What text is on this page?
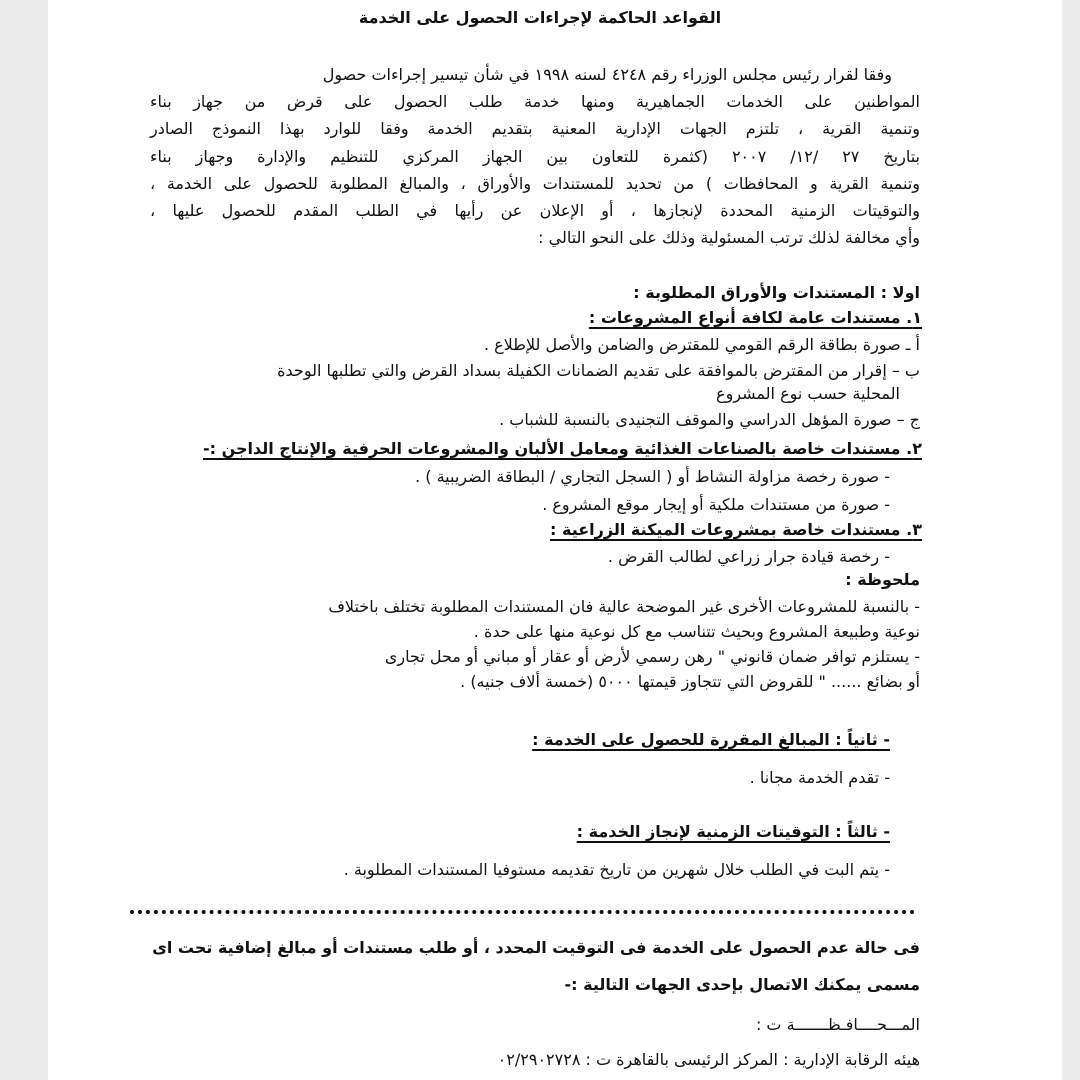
القواعد الحاكمة لإجراءات الحصول على الخدمة
وفقا لقرار رئيس مجلس الوزراء رقم ٤٢٤٨ لسنه ١٩٩٨ في شأن تيسير إجراءات حصول
المواطنين على الخدمات الجماهيرية ومنها خدمة طلب الحصول على قرض من جهاز بناء
وتنمية القرية ، تلتزم الجهات الإدارية المعنية بتقديم الخدمة وفقا للوارد بهذا النموذج الصادر
بتاريخ ٢٧ /١٢/ ٢٠٠٧ (كثمرة للتعاون بين الجهاز المركزي للتنظيم والإدارة وجهاز بناء
وتنمية القرية و المحافظات ) من تحديد للمستندات والأوراق ، والمبالغ المطلوبة للحصول على الخدمة ،
والتوقيتات الزمنية المحددة لإنجازها ، أو الإعلان عن رأيها في الطلب المقدم للحصول عليها ،
وأي مخالفة لذلك ترتب المسئولية وذلك على النحو التالي :
اولا : المستندات والأوراق المطلوبة :
١. مستندات عامة لكافة أنواع المشروعات :
أ ـ صورة بطاقة الرقم القومي للمقترض والضامن والأصل للإطلاع .
ب – إقرار من المقترض بالموافقة على تقديم الضمانات الكفيلة بسداد القرض والتي تطلبها الوحدة
المحلية حسب نوع المشروع
ج – صورة المؤهل الدراسي والموقف التجنيدى بالنسبة للشباب .
٢. مستندات خاصة بالصناعات الغذائية ومعامل الألبان والمشروعات الحرفية والإنتاج الداجن :-
- صورة رخصة مزاولة النشاط أو ( السجل التجاري / البطاقة الضريبية ) .
- صورة من مستندات ملكية أو إيجار موقع المشروع .
٣. مستندات خاصة بمشروعات الميكنة الزراعية :
- رخصة قيادة جرار زراعي لطالب القرض .
ملحوظة :
- بالنسبة للمشروعات الأخرى غير الموضحة عالية فان المستندات المطلوبة تختلف باختلاف
نوعية وطبيعة المشروع وبحيث تتناسب مع كل نوعية منها على حدة .
- يستلزم توافر ضمان قانوني " رهن رسمي لأرض أو عقار أو مباني أو محل تجارى
أو بضائع ...... " للقروض التي تتجاوز قيمتها ٥٠٠٠ (خمسة ألاف جنيه) .
- ثانياً : المبالغ المقررة للحصول على الخدمة :
- تقدم الخدمة مجانا .
- ثالثاً : التوقيتات الزمنية لإنجاز الخدمة :
- يتم البت في الطلب خلال شهرين من تاريخ تقديمه مستوفيا المستندات المطلوبة .
فى حالة عدم الحصول على الخدمة فى التوقيت المحدد ، أو طلب مستندات أو مبالغ إضافية تحت اى
مسمى يمكنك الاتصال بإحدى الجهات التالية :-
المـــحــــافـظـــــــة ت :
هيئه الرقابة الإدارية : المركز الرئيسى بالقاهرة ت : ٠٢/٢٩٠٢٧٢٨
